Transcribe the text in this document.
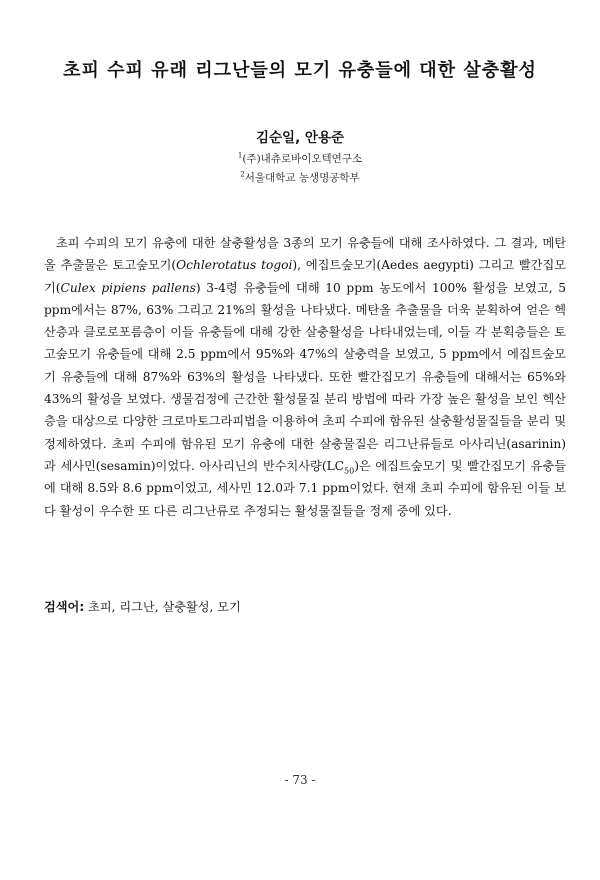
초피 수피 유래 리그난들의 모기 유충들에 대한 살충활성
김순일, 안용준
$^1$(주)내츄로바이오텍연구소
$^2$서울대학교 농생명공학부

초피 수피의 모기 유충에 대한 살충활성을 3종의 모기 유충들에 대해 조사하였다. 그 결과, 메탄올 추출물은 토고숲모기(Ochlerotatus togoi), 에집트숲모기(Aedes aegypti) 그리고 빨간집모기(Culex pipiens pallens) 3-4령 유충들에 대해 10 ppm 농도에서 100% 활성을 보였고, 5 ppm에서는 87%, 63% 그리고 21%의 활성을 나타냈다. 메탄올 추출물을 더욱 분획하여 얻은 헥산층과 클로로포름층이 이들 유충들에 대해 강한 살충활성을 나타내었는데, 이들 각 분획층들은 토고숲모기 유충들에 대해 2.5 ppm에서 95%와 47%의 살충력을 보였고, 5 ppm에서 에집트숲모기 유충들에 대해 87%와 63%의 활성을 나타냈다. 또한 빨간집모기 유충들에 대해서는 65%와 43%의 활성을 보였다. 생물검정에 근간한 활성물질 분리 방법에 따라 가장 높은 활성을 보인 헥산층을 대상으로 다양한 크로마토그라피법을 이용하여 초피 수피에 함유된 살충활성물질들을 분리 및 정제하였다. 초피 수피에 함유된 모기 유충에 대한 살충물질은 리그난류들로 아사리닌(asarinin)과 세사민(sesamin)이었다. 아사리닌의 반수치사량$(LC_{50})$은 에집트숲모기 및 빨간집모기 유충들에 대해 8.5와 8.6 ppm이었고, 세사민 12.0과 7.1 ppm이었다. 현재 초피 수피에 함유된 이들 보다 활성이 우수한 또 다른 리그난류로 추정되는 활성물질들을 정제 중에 있다.

검색어: 초피, 리그난, 살충활성, 모기
- 73 -
